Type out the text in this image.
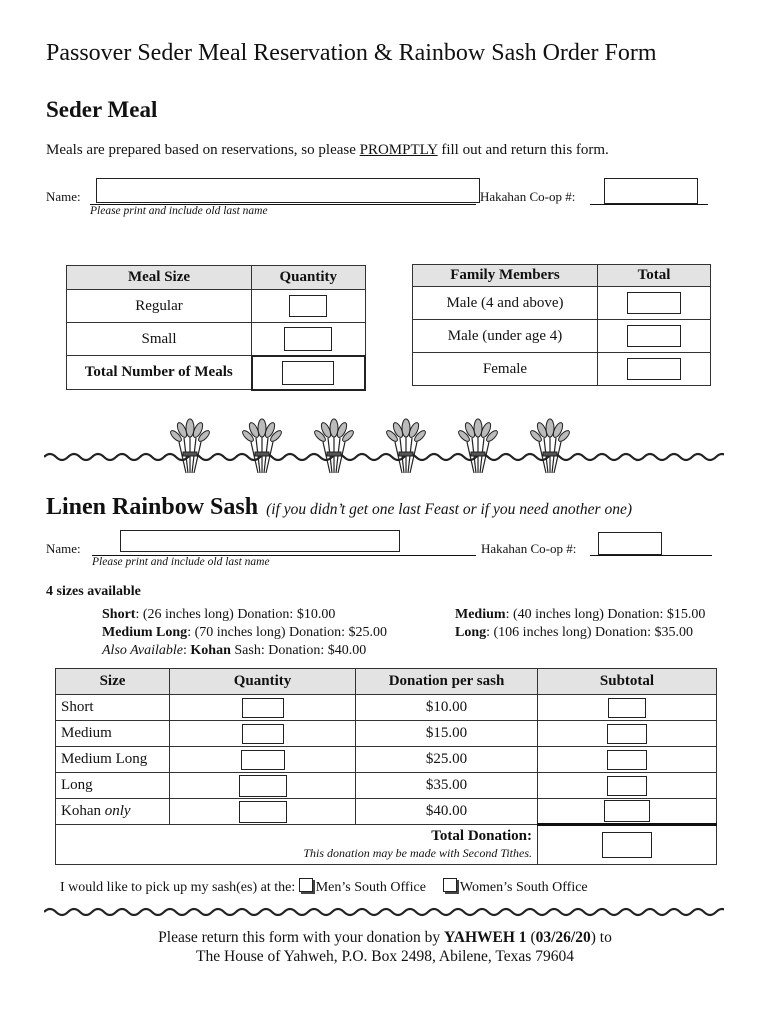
Passover Seder Meal Reservation & Rainbow Sash Order Form
Seder Meal
Meals are prepared based on reservations, so please PROMPTLY fill out and return this form.
Name:
Please print and include old last name
Hakahan Co-op #:
Meal Size	Quantity
Regular	
Small	
Total Number of Meals	
Family Members	Total
Male (4 and above)	
Male (under age 4)	
Female	
Linen Rainbow Sash (if you didn’t get one last Feast or if you need another one)
Name:
Please print and include old last name
Hakahan Co-op #:
4 sizes available
Short: (26 inches long) Donation: $10.00
Medium Long: (70 inches long) Donation: $25.00
Also Available: Kohan Sash: Donation: $40.00
Medium: (40 inches long) Donation: $15.00
Long: (106 inches long) Donation: $35.00
Size	Quantity	Donation per sash	Subtotal
Short		$10.00	
Medium		$15.00	
Medium Long		$25.00	
Long		$35.00	
Kohan only		$40.00	

Total Donation:
This donation may be made with Second Tithes.			

I would like to pick up my sash(es) at the: Men’s South Office Women’s South Office
Please return this form with your donation by YAHWEH 1 (03/26/20) to
The House of Yahweh, P.O. Box 2498, Abilene, Texas 79604
